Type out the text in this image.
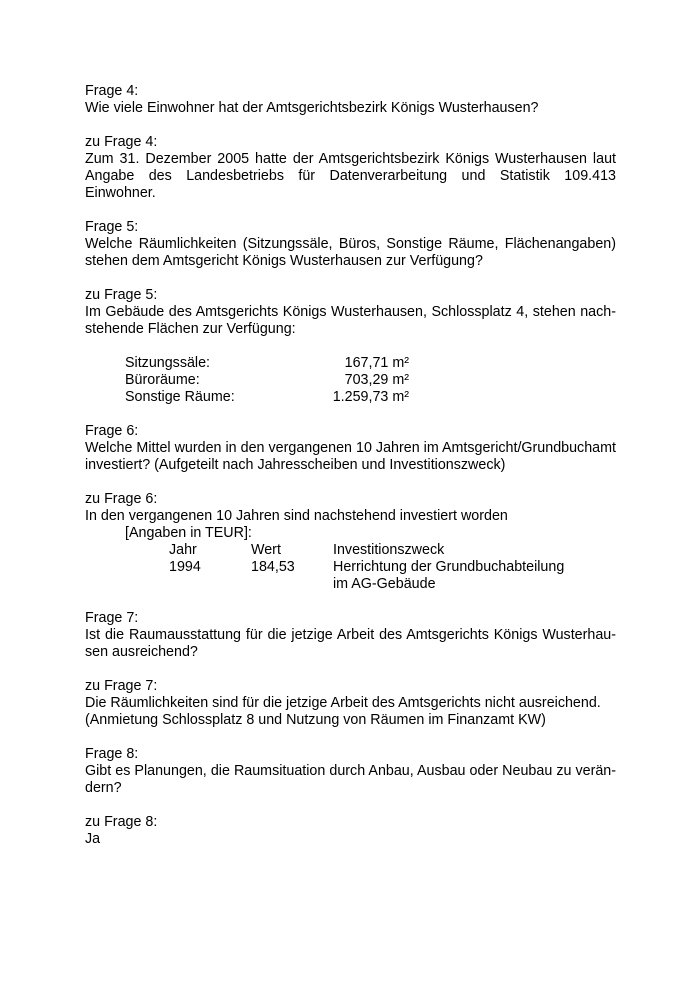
Frage 4:
Wie viele Einwohner hat der Amtsgerichtsbezirk Königs Wusterhausen?
zu Frage 4:
Zum 31. Dezember 2005 hatte der Amtsgerichtsbezirk Königs Wusterhausen laut Angabe des Landesbetriebs für Datenverarbeitung und Statistik 109.413 Einwohner.
Frage 5:
Welche Räumlichkeiten (Sitzungssäle, Büros, Sonstige Räume, Flächenangaben) stehen dem Amtsgericht Königs Wusterhausen zur Verfügung?
zu Frage 5:
Im Gebäude des Amtsgerichts Königs Wusterhausen, Schlossplatz 4, stehen nach-stehende Flächen zur Verfügung:
Sitzungssäle:	167,71 m²
Büroräume:	703,29 m²
Sonstige Räume:	1.259,73 m²
Frage 6:
Welche Mittel wurden in den vergangenen 10 Jahren im Amtsgericht/Grundbuchamt investiert? (Aufgeteilt nach Jahresscheiben und Investitionszweck)
zu Frage 6:
In den vergangenen 10 Jahren sind nachstehend investiert worden
[Angaben in TEUR]:
Jahr	Wert	Investitionszweck
1994	184,53	Herrichtung der Grundbuchabteilung
im AG-Gebäude
Frage 7:
Ist die Raumausstattung für die jetzige Arbeit des Amtsgerichts Königs Wusterhau-sen ausreichend?
zu Frage 7:
Die Räumlichkeiten sind für die jetzige Arbeit des Amtsgerichts nicht ausreichend.
(Anmietung Schlossplatz 8 und Nutzung von Räumen im Finanzamt KW)
Frage 8:
Gibt es Planungen, die Raumsituation durch Anbau, Ausbau oder Neubau zu verän-dern?
zu Frage 8:
Ja
